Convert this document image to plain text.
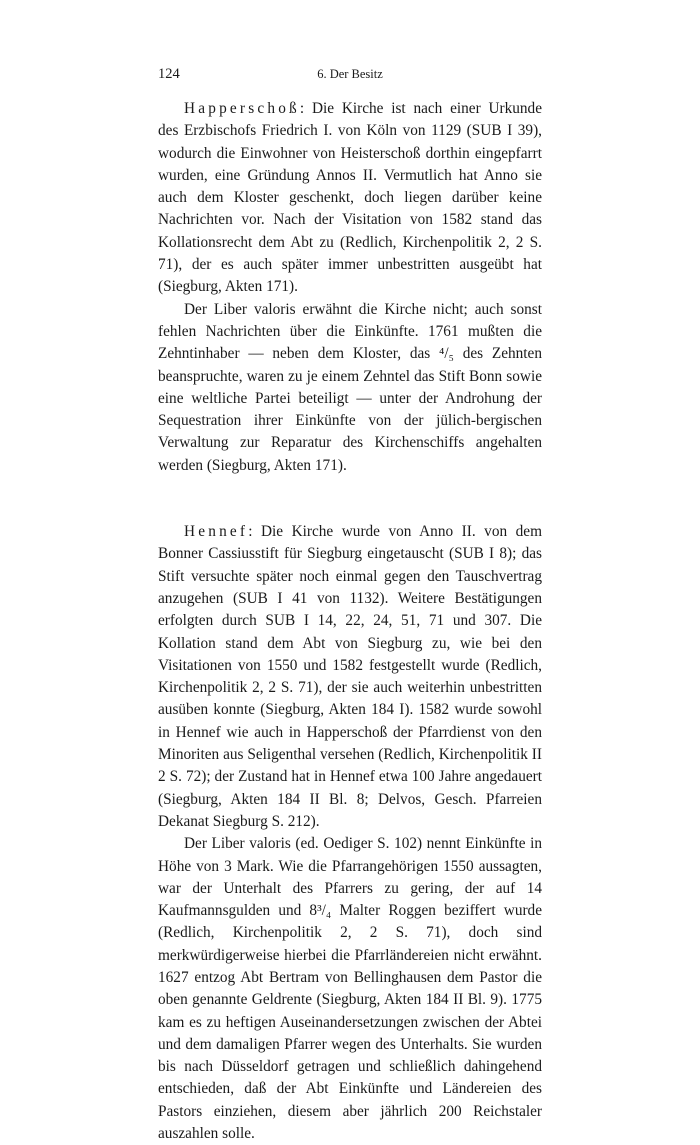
124	6. Der Besitz

Happerschoß: Die Kirche ist nach einer Urkunde des Erzbischofs Friedrich I. von Köln von 1129 (SUB I 39), wodurch die Einwohner von Heisterschoß dorthin eingepfarrt wurden, eine Gründung Annos II. Vermutlich hat Anno sie auch dem Kloster geschenkt, doch liegen darüber keine Nachrichten vor. Nach der Visitation von 1582 stand das Kollationsrecht dem Abt zu (Redlich, Kirchenpolitik 2, 2 S. 71), der es auch später immer unbestritten ausgeübt hat (Siegburg, Akten 171).

Der Liber valoris erwähnt die Kirche nicht; auch sonst fehlen Nachrichten über die Einkünfte. 1761 mußten die Zehntinhaber — neben dem Kloster, das ⁴/₅ des Zehnten beanspruchte, waren zu je einem Zehntel das Stift Bonn sowie eine weltliche Partei beteiligt — unter der Androhung der Sequestration ihrer Einkünfte von der jülich-bergischen Verwaltung zur Reparatur des Kirchenschiffs angehalten werden (Siegburg, Akten 171).

Hennef: Die Kirche wurde von Anno II. von dem Bonner Cassiusstift für Siegburg eingetauscht (SUB I 8); das Stift versuchte später noch einmal gegen den Tauschvertrag anzugehen (SUB I 41 von 1132). Weitere Bestätigungen erfolgten durch SUB I 14, 22, 24, 51, 71 und 307. Die Kollation stand dem Abt von Siegburg zu, wie bei den Visitationen von 1550 und 1582 festgestellt wurde (Redlich, Kirchenpolitik 2, 2 S. 71), der sie auch weiterhin unbestritten ausüben konnte (Siegburg, Akten 184 I). 1582 wurde sowohl in Hennef wie auch in Happerschoß der Pfarrdienst von den Minoriten aus Seligenthal versehen (Redlich, Kirchenpolitik II 2 S. 72); der Zustand hat in Hennef etwa 100 Jahre angedauert (Siegburg, Akten 184 II Bl. 8; Delvos, Gesch. Pfarreien Dekanat Siegburg S. 212).

Der Liber valoris (ed. Oediger S. 102) nennt Einkünfte in Höhe von 3 Mark. Wie die Pfarrangehörigen 1550 aussagten, war der Unterhalt des Pfarrers zu gering, der auf 14 Kaufmannsgulden und 8³/₄ Malter Roggen beziffert wurde (Redlich, Kirchenpolitik 2, 2 S. 71), doch sind merkwürdigerweise hierbei die Pfarrländereien nicht erwähnt. 1627 entzog Abt Bertram von Bellinghausen dem Pastor die oben genannte Geldrente (Siegburg, Akten 184 II Bl. 9). 1775 kam es zu heftigen Auseinandersetzungen zwischen der Abtei und dem damaligen Pfarrer wegen des Unterhalts. Sie wurden bis nach Düsseldorf getragen und schließlich dahingehend entschieden, daß der Abt Einkünfte und Ländereien des Pastors einziehen, diesem aber jährlich 200 Reichstaler auszahlen solle.
